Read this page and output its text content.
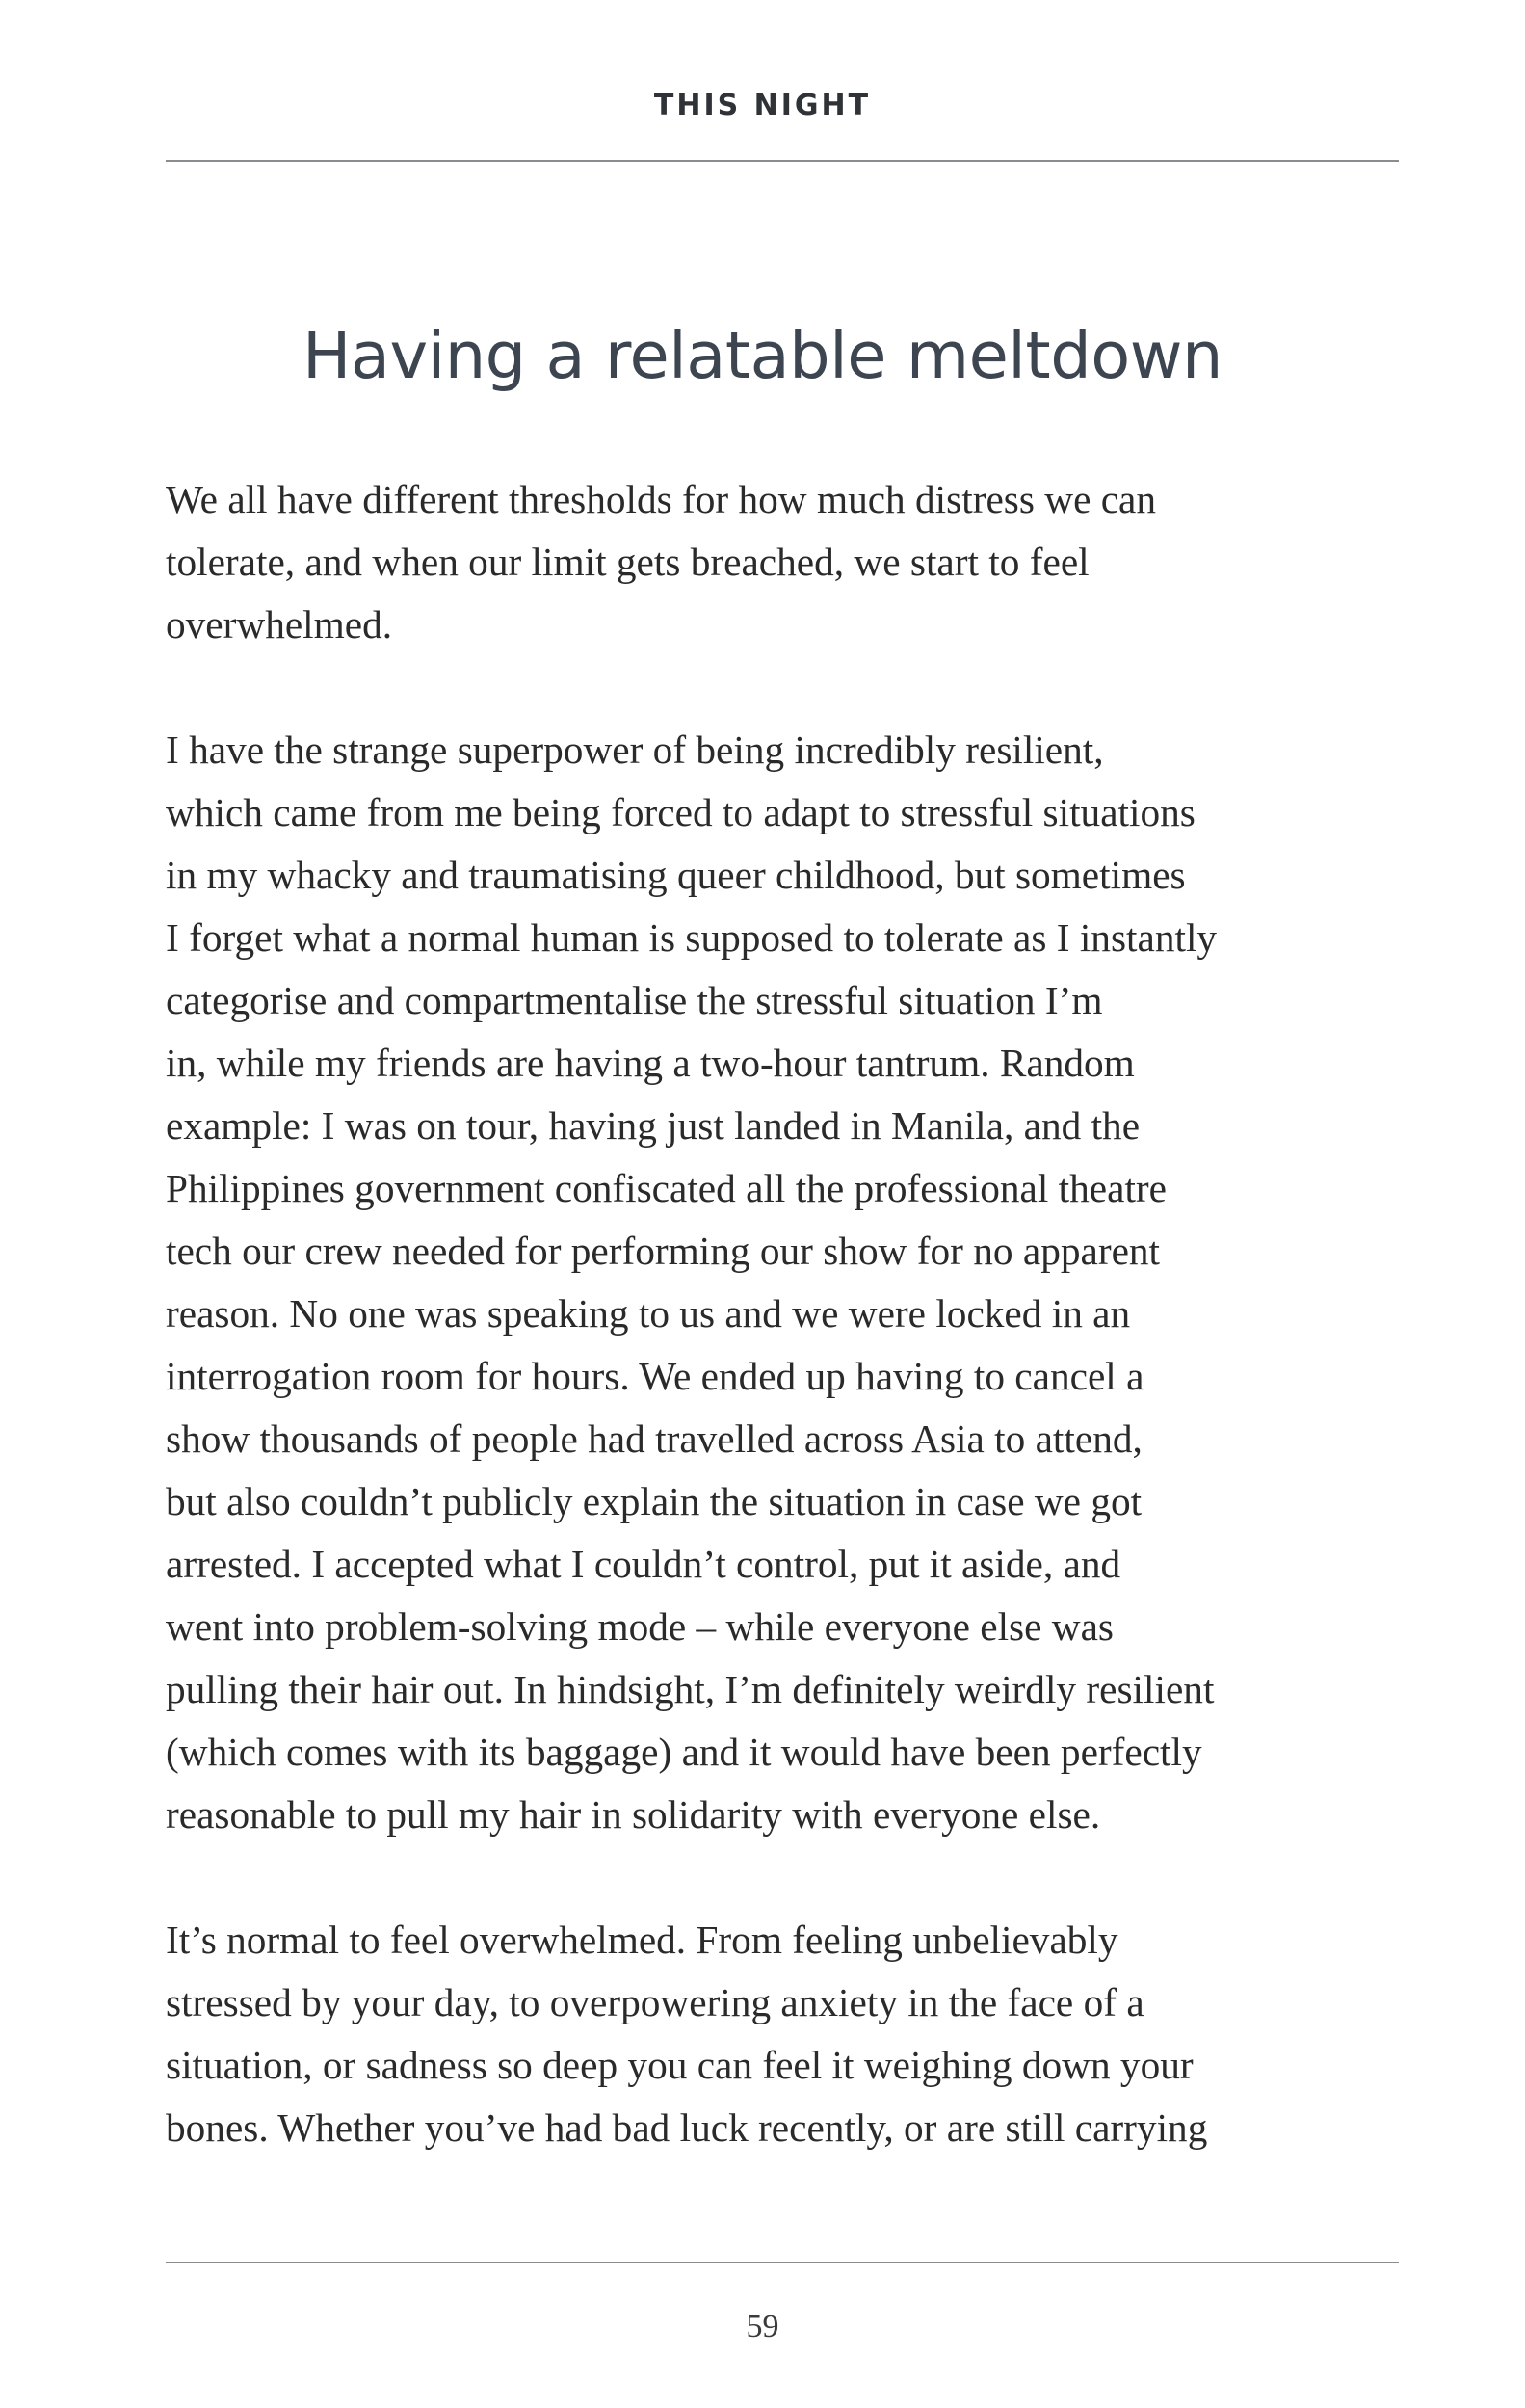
THIS NIGHT
Having a relatable meltdown
We all have different thresholds for how much distress we can
tolerate, and when our limit gets breached, we start to feel
overwhelmed.
I have the strange superpower of being incredibly resilient,
which came from me being forced to adapt to stressful situations
in my whacky and traumatising queer childhood, but sometimes
I forget what a normal human is supposed to tolerate as I instantly
categorise and compartmentalise the stressful situation I’m
in, while my friends are having a two-hour tantrum. Random
example: I was on tour, having just landed in Manila, and the
Philippines government confiscated all the professional theatre
tech our crew needed for performing our show for no apparent
reason. No one was speaking to us and we were locked in an
interrogation room for hours. We ended up having to cancel a
show thousands of people had travelled across Asia to attend,
but also couldn’t publicly explain the situation in case we got
arrested. I accepted what I couldn’t control, put it aside, and
went into problem-solving mode – while everyone else was
pulling their hair out. In hindsight, I’m definitely weirdly resilient
(which comes with its baggage) and it would have been perfectly
reasonable to pull my hair in solidarity with everyone else.
It’s normal to feel overwhelmed. From feeling unbelievably
stressed by your day, to overpowering anxiety in the face of a
situation, or sadness so deep you can feel it weighing down your
bones. Whether you’ve had bad luck recently, or are still carrying
59
